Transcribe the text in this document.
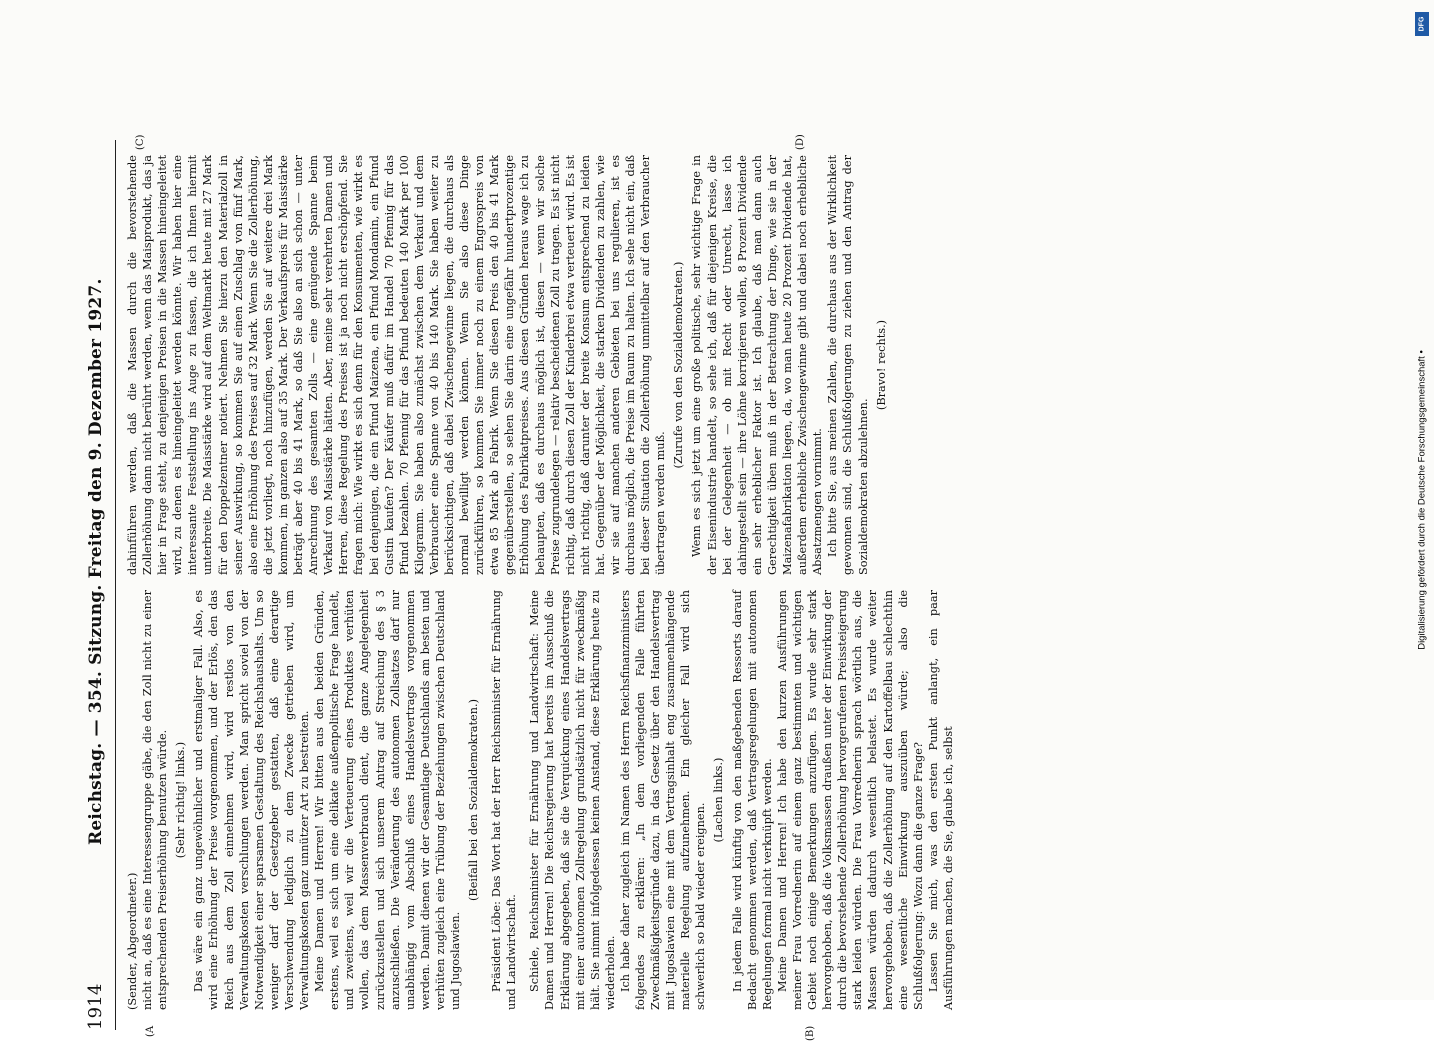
1914
Reichstag. — 354. Sitzung. Freitag den 9. Dezember 1927.
(A	(B)
(C)	(D)

(Sender, Abgeordneter.) nicht an, daß es eine Interessengruppe gäbe, die den Zoll nicht zu einer entsprechenden Preiserhöhung benutzen würde. (Sehr richtig! links.) Das wäre ein ganz ungewöhnlicher und erstmaliger Fall. Also, es wird eine Erhöhung der Preise vorgenommen, und der Erlös, den das Reich aus dem Zoll einnehmen wird, wird restlos von den Verwaltungskosten verschlungen werden. Man spricht soviel von der Notwendigkeit einer sparsamen Gestaltung des Reichshaushalts. Um so weniger darf der Gesetzgeber gestatten, daß eine derartige Verschwendung lediglich zu dem Zwecke getrieben wird, um Verwaltungskosten ganz unnützer Art zu bestreiten. Meine Damen und Herren! Wir bitten aus den beiden Gründen, erstens, weil es sich um eine delikate außenpolitische Frage handelt, und zweitens, weil wir die Verteuerung eines Produktes verhüten wollen, das dem Massenverbrauch dient, die ganze Angelegenheit zurückzustellen und sich unserem Antrag auf Streichung des § 3 anzuschließen. Die Veränderung des autonomen Zollsatzes darf nur unabhängig vom Abschluß eines Handelsvertrags vorgenommen werden. Damit dienen wir der Gesamtlage Deutschlands am besten und verhüten zugleich eine Trübung der Beziehungen zwischen Deutschland und Jugoslawien.

(Beifall bei den Sozialdemokraten.) Präsident Löbe: Das Wort hat der Herr Reichsminister für Ernährung und Landwirtschaft. Schiele, Reichsminister für Ernährung und Landwirtschaft: Meine Damen und Herren! Die Reichsregierung hat bereits im Ausschuß die Erklärung abgegeben, daß sie die Verquickung eines Handelsvertrags mit einer autonomen Zollregelung grundsätzlich nicht für zweckmäßig hält. Sie nimmt infolgedessen keinen Anstand, diese Erklärung heute zu wiederholen. Ich habe daher zugleich im Namen des Herrn Reichsfinanzministers folgendes zu erklären: „In dem vorliegenden Falle führten Zweckmäßigkeitsgründe dazu, in das Gesetz über den Handelsvertrag mit Jugoslawien eine mit dem Vertragsinhalt eng zusammenhängende materielle Regelung aufzunehmen. Ein gleicher Fall wird sich schwerlich so bald wieder ereignen.

(Lachen links.) In jedem Falle wird künftig von den maßgebenden Ressorts darauf Bedacht genommen werden, daß Vertragsregelungen mit autonomen Regelungen formal nicht verknüpft werden. Meine Damen und Herren! Ich habe den kurzen Ausführungen meiner Frau Vorrednerin auf einem ganz bestimmten und wichtigen Gebiet noch einige Bemerkungen anzufügen. Es wurde sehr stark hervorgehoben, daß die Volksmassen draußen unter der Einwirkung der durch die bevorstehende Zollerhöhung hervorgerufenen Preissteigerung stark leiden würden. Die Frau Vorrednerin sprach wörtlich aus, die Massen würden dadurch wesentlich belastet. Es wurde weiter hervorgehoben, daß die Zollerhöhung auf den Kartoffelbau schlechthin eine wesentliche Einwirkung auszuüben würde; also die Schlußfolgerung: Wozu dann die ganze Frage? Lassen Sie mich, was den ersten Punkt anlangt, ein paar Ausführungen machen, die Sie, glaube ich, selbst

dahinführen werden, daß die Massen durch die bevorstehende Zollerhöhung dann nicht berührt werden, wenn das Maisprodukt, das ja hier in Frage steht, zu denjenigen Preisen in die Massen hineingeleitet wird, zu denen es hineingeleitet werden könnte. Wir haben hier eine interessante Feststellung ins Auge zu fassen, die ich Ihnen hiermit unterbreite. Die Maisstärke wird auf dem Weltmarkt heute mit 27 Mark für den Doppelzentner notiert. Nehmen Sie hierzu den Materialzoll in seiner Auswirkung, so kommen Sie auf einen Zuschlag von fünf Mark, also eine Erhöhung des Preises auf 32 Mark. Wenn Sie die Zollerhöhung, die jetzt vorliegt, noch hinzufügen, werden Sie auf weitere drei Mark kommen, im ganzen also auf 35 Mark. Der Verkaufspreis für Maisstärke beträgt aber 40 bis 41 Mark, so daß Sie also an sich schon — unter Anrechnung des gesamten Zolls — eine genügende Spanne beim Verkauf von Maisstärke hätten. Aber, meine sehr verehrten Damen und Herren, diese Regelung des Preises ist ja noch nicht erschöpfend. Sie fragen mich: Wie wirkt es sich denn für den Konsumenten, wie wirkt es bei denjenigen, die ein Pfund Maizena, ein Pfund Mondamin, ein Pfund Gustin kaufen? Der Käufer muß dafür im Handel 70 Pfennig für das Pfund bezahlen. 70 Pfennig für das Pfund bedeuten 140 Mark per 100 Kilogramm. Sie haben also zunächst zwischen dem Verkauf und dem Verbraucher eine Spanne von 40 bis 140 Mark. Sie haben weiter zu berücksichtigen, daß dabei Zwischengewinne liegen, die durchaus als normal bewilligt werden können. Wenn Sie also diese Dinge zurückführen, so kommen Sie immer noch zu einem Engrospreis von etwa 85 Mark ab Fabrik. Wenn Sie diesen Preis den 40 bis 41 Mark gegenüberstellen, so sehen Sie darin eine ungefähr hundertprozentige Erhöhung des Fabrikatpreises. Aus diesen Gründen heraus wage ich zu behaupten, daß es durchaus möglich ist, diesen — wenn wir solche Preise zugrundelegen — relativ bescheidenen Zoll zu tragen. Es ist nicht richtig, daß durch diesen Zoll der Kinderbrei etwa verteuert wird. Es ist nicht richtig, daß darunter der breite Konsum entsprechend zu leiden hat. Gegenüber der Möglichkeit, die starken Dividenden zu zahlen, wie wir sie auf manchen anderen Gebieten bei uns regulieren, ist es durchaus möglich, die Preise im Raum zu halten. Ich sehe nicht ein, daß bei dieser Situation die Zollerhöhung unmittelbar auf den Verbraucher übertragen werden muß.

(Zurufe von den Sozialdemokraten.) Wenn es sich jetzt um eine große politische, sehr wichtige Frage in der Eisenindustrie handelt, so sehe ich, daß für diejenigen Kreise, die bei der Gelegenheit — ob mit Recht oder Unrecht, lasse ich dahingestellt sein — ihre Löhne korrigieren wollen, 8 Prozent Dividende ein sehr erheblicher Faktor ist. Ich glaube, daß man dann auch Gerechtigkeit üben muß in der Betrachtung der Dinge, wie sie in der Maizenafabrikation liegen, da, wo man heute 20 Prozent Dividende hat, außerdem erhebliche Zwischengewinne gibt und dabei noch erhebliche Absatzmengen vornimmt. Ich bitte Sie, aus meinen Zahlen, die durchaus aus der Wirklichkeit gewonnen sind, die Schlußfolgerungen zu ziehen und den Antrag der Sozialdemokraten abzulehnen.

(Bravo! rechts.)

DFG
Digitalisierung gefördert durch die Deutsche Forschungsgemeinschaft •
